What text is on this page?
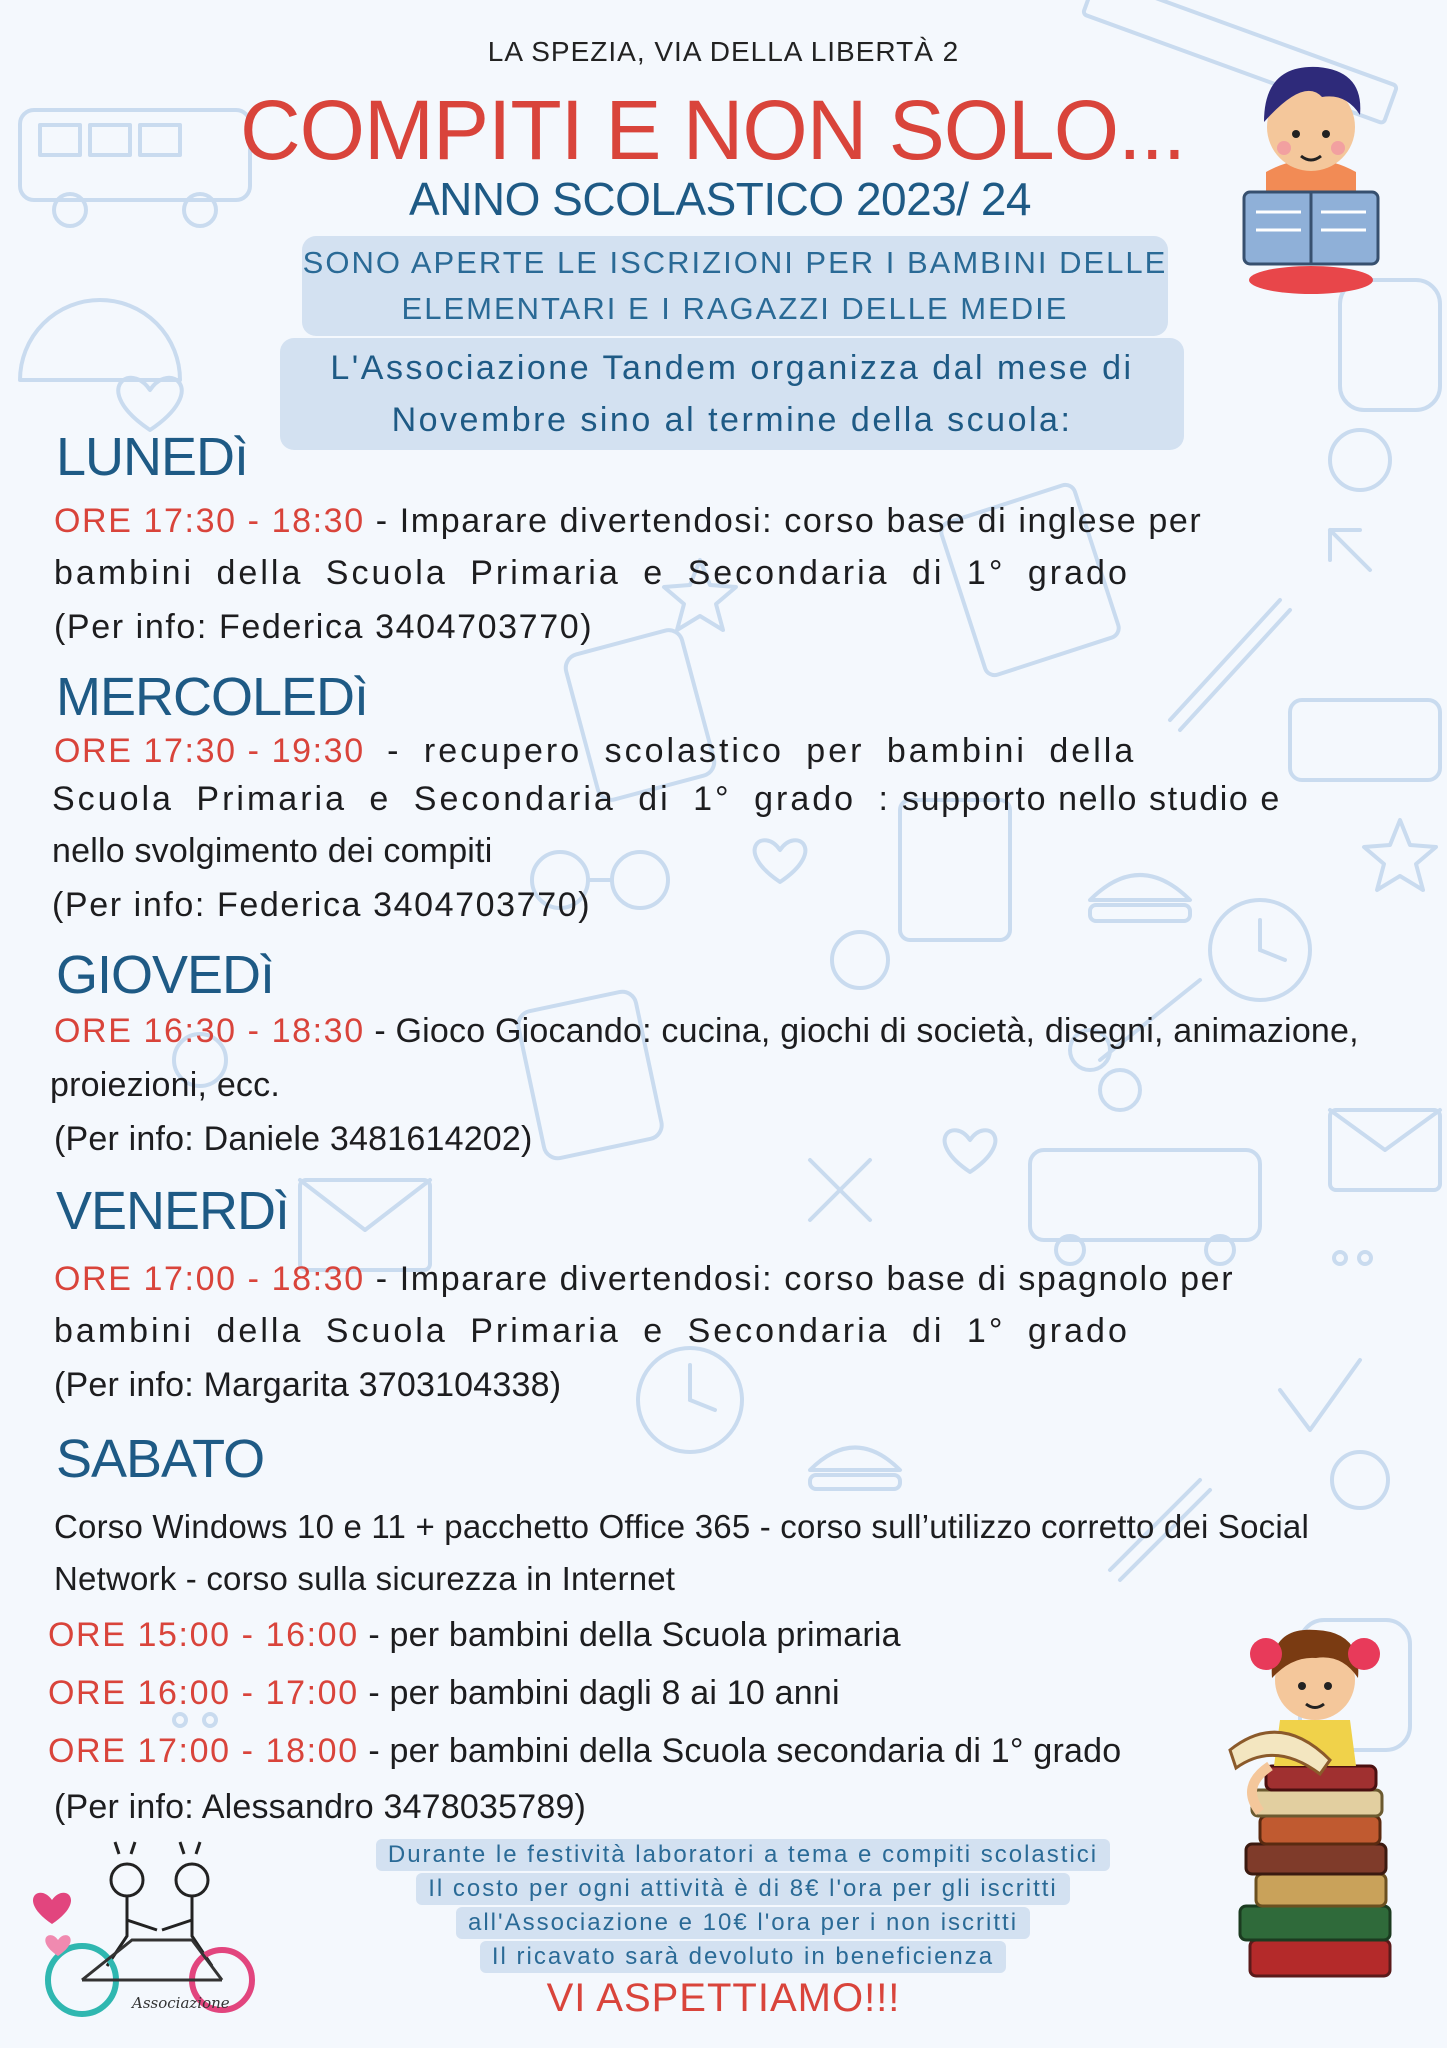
LA SPEZIA, VIA DELLA LIBERTÀ 2
COMPITI E NON SOLO...
ANNO SCOLASTICO 2023/ 24
SONO APERTE LE ISCRIZIONI PER I BAMBINI DELLE
ELEMENTARI E I RAGAZZI DELLE MEDIE
L'Associazione Tandem organizza dal mese di
Novembre sino al termine della scuola:
LUNEDì
ORE 17:30 - 18:30 - Imparare divertendosi: corso base di inglese per
bambini della Scuola Primaria e Secondaria di 1° grado
(Per info: Federica 3404703770)
MERCOLEDì
ORE 17:30 - 19:30 - recupero scolastico per bambini della
Scuola Primaria e Secondaria di 1° grado : supporto nello studio e
nello svolgimento dei compiti
(Per info: Federica 3404703770)
GIOVEDì
ORE 16:30 - 18:30 - Gioco Giocando: cucina, giochi di società, disegni, animazione,
proiezioni, ecc.
(Per info: Daniele 3481614202)
VENERDì
ORE 17:00 - 18:30 - Imparare divertendosi: corso base di spagnolo per
bambini della Scuola Primaria e Secondaria di 1° grado
(Per info: Margarita 3703104338)
SABATO
Corso Windows 10 e 11 + pacchetto Office 365 - corso sull’utilizzo corretto dei Social
Network - corso sulla sicurezza in Internet
ORE 15:00 - 16:00 - per bambini della Scuola primaria
ORE 16:00 - 17:00 - per bambini dagli 8 ai 10 anni
ORE 17:00 - 18:00 - per bambini della Scuola secondaria di 1° grado
(Per info: Alessandro 3478035789)
Associazione
Durante le festività laboratori a tema e compiti scolastici
Il costo per ogni attività è di 8€ l'ora per gli iscritti
all'Associazione e 10€ l'ora per i non iscritti
Il ricavato sarà devoluto in beneficienza
VI ASPETTIAMO!!!
